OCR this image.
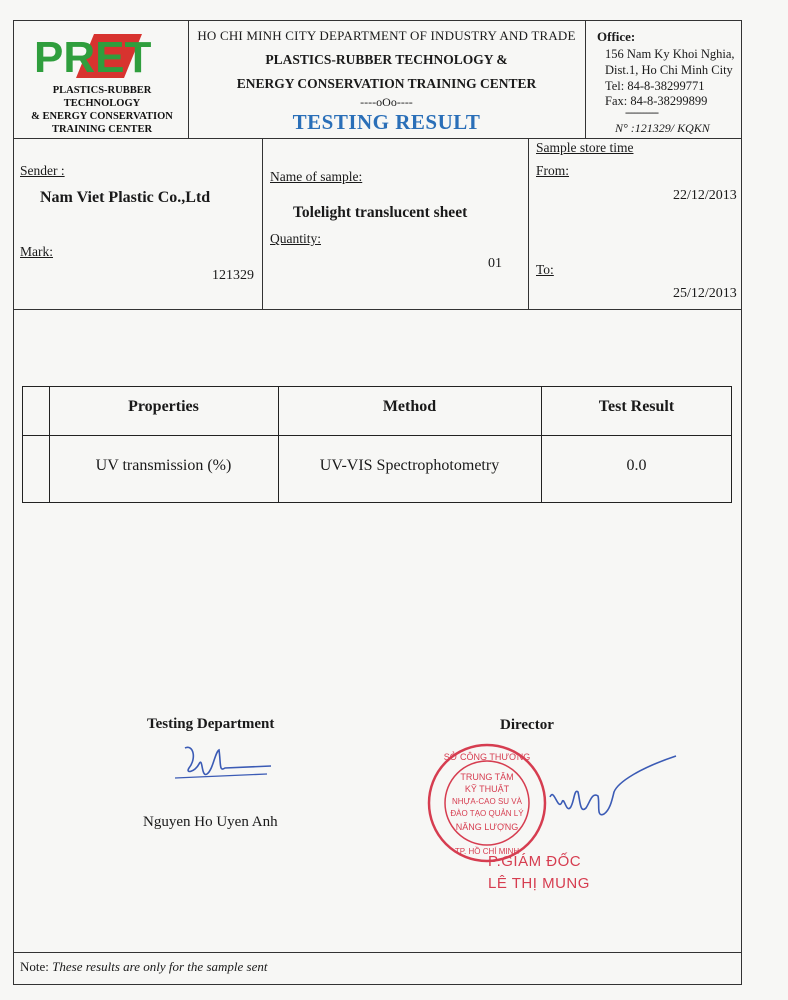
PRET
PLASTICS-RUBBER
TECHNOLOGY
& ENERGY CONSERVATION
TRAINING CENTER
HO CHI MINH CITY DEPARTMENT OF INDUSTRY AND TRADE
PLASTICS-RUBBER TECHNOLOGY &
ENERGY CONSERVATION TRAINING CENTER
----oOo----
TESTING RESULT
Office:
156 Nam Ky Khoi Nghia,
Dist.1, Ho Chi Minh City
Tel: 84-8-38299771
Fax: 84-8-38299899
-----------
N° :121329/ KQKN
Sender :
Nam Viet Plastic Co.,Ltd
Mark:
121329
Name of sample:
Tolelight translucent sheet
Quantity:
01
Sample store time
From:
22/12/2013
To:
25/12/2013
Properties	Method	Test Result
UV transmission (%)	UV-VIS Spectrophotometry	0.0
Testing Department
Nguyen Ho Uyen Anh
Director
SỞ CÔNG THƯƠNG
TRUNG TÂM
KỸ THUẬT
NHỰA-CAO SU VÀ
ĐÀO TẠO QUẢN LÝ
NĂNG LƯỢNG
TP. HỒ CHÍ MINH
P.GIÁM ĐỐC
LÊ THỊ MUNG
Note: These results are only for the sample sent
